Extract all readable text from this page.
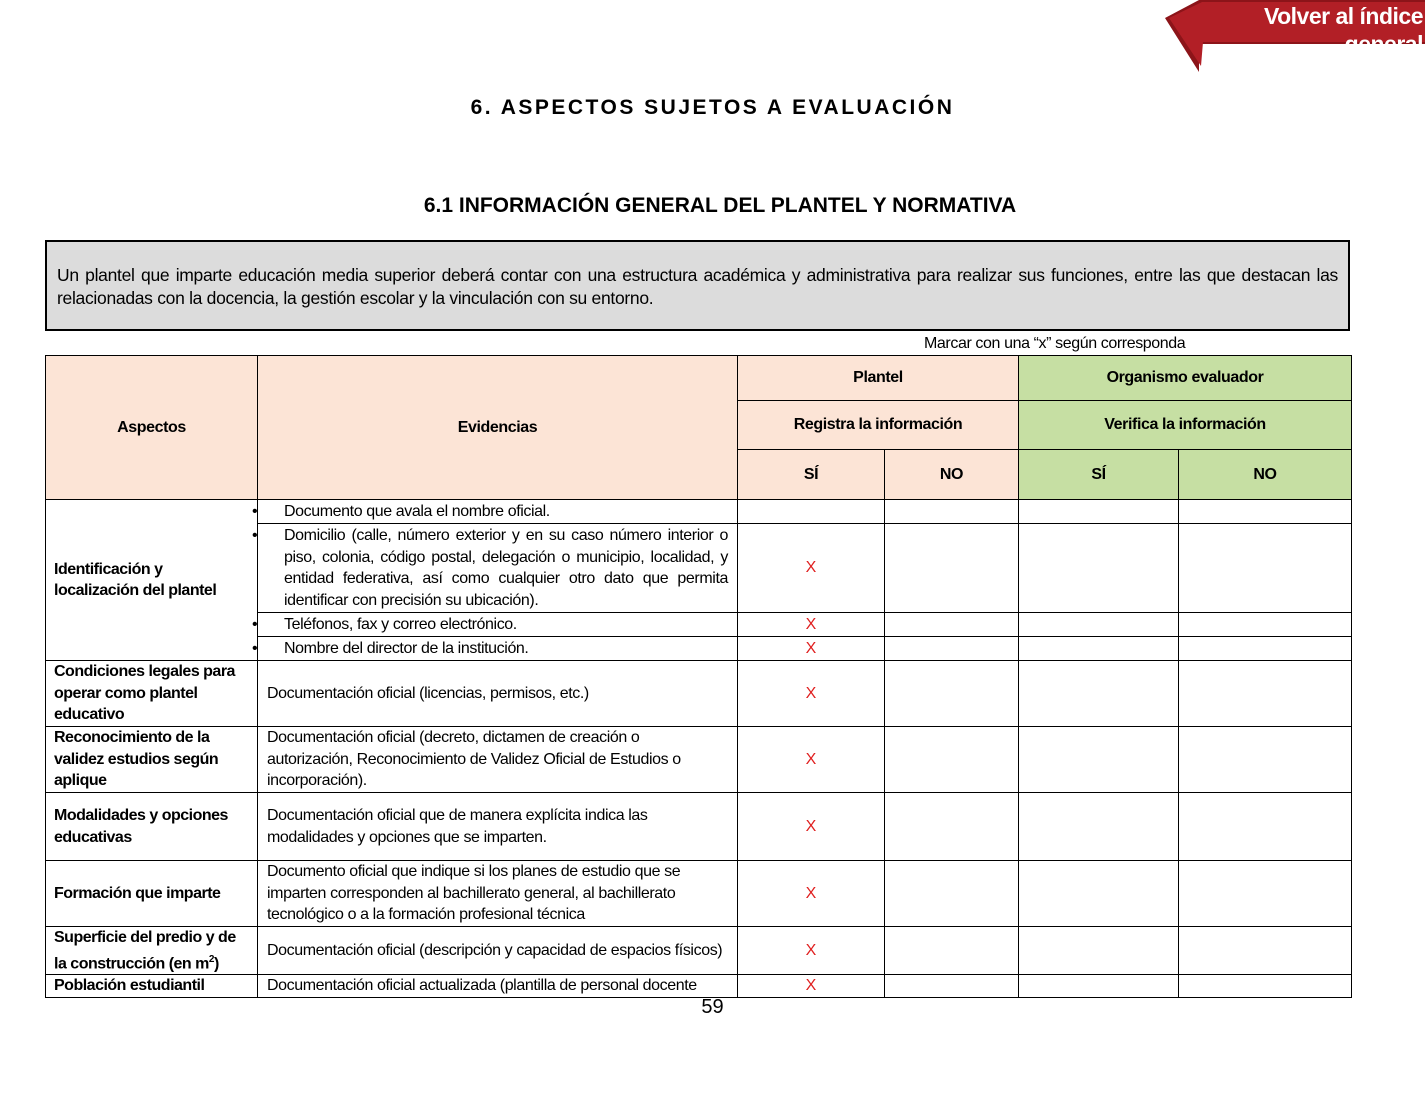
Volver al índice general
6. ASPECTOS SUJETOS A EVALUACIÓN
6.1 INFORMACIÓN GENERAL DEL PLANTEL Y NORMATIVA
Un plantel que imparte educación media superior deberá contar con una estructura académica y administrativa para realizar sus funciones, entre las que destacan las relacionadas con la docencia, la gestión escolar y la vinculación con su entorno.
Marcar con una “x” según corresponda
Aspectos	Evidencias	Plantel		Organismo evaluador	
		Registra la información		Verifica la información	
		SÍ	NO	SÍ	NO
Identificación y localización del plantel	• Documento que avala el nombre oficial.				

	• Domicilio (calle, número exterior y en su caso número interior o piso, colonia, código postal, delegación o municipio, localidad, y entidad federativa, así como cualquier otro dato que permita identificar con precisión su ubicación).	X			

	• Teléfonos, fax y correo electrónico.	X			

	• Nombre del director de la institución.	X			
Condiciones legales para operar como plantel educativo	Documentación oficial (licencias, permisos, etc.)	X			
Reconocimiento de la validez estudios según aplique	Documentación oficial (decreto, dictamen de creación o autorización, Reconocimiento de Validez Oficial de Estudios o incorporación).	X			
Modalidades y opciones educativas	Documentación oficial que de manera explícita indica las modalidades y opciones que se imparten.	X			
Formación que imparte	Documento oficial que indique si los planes de estudio que se imparten corresponden al bachillerato general, al bachillerato tecnológico o a la formación profesional técnica	X			
Superficie del predio y de la construcción (en $m^2$)	Documentación oficial (descripción y capacidad de espacios físicos)	X			
Población estudiantil	Documentación oficial actualizada (plantilla de personal docente	X			
59
